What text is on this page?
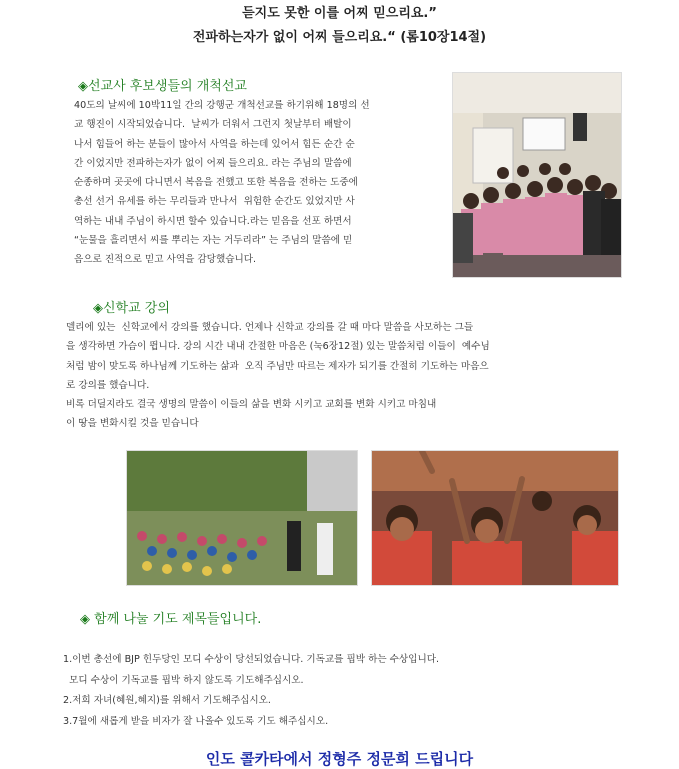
듣지도 못한 이를 어찌 믿으리요.”
전파하는자가 없이 어찌 들으리요.“ (롬10장14절)
◈선교사 후보생들의 개척선교
40도의 날씨에 10박11일 간의 강행군 개척선교를 하기위해 18명의 선
교 행진이 시작되었습니다.  날씨가 더워서 그런지 첫날부터 배탈이
나서 힘들어 하는 분들이 많아서 사역을 하는데 있어서 힘든 순간 순
간 이었지만 전파하는자가 없이 어찌 들으리요. 라는 주님의 말씀에
순종하며 곳곳에 다니면서 복음을 전했고 또한 복음을 전하는 도중에
총선 선거 유세를 하는 무리들과 만나서  위험한 순간도 있었지만 사
역하는 내내 주님이 하시면 할수 있습니다.라는 믿음을 선포 하면서
“눈물을 흘리면서 씨를 뿌리는 자는 거두리라” 는 주님의 말씀에 믿
음으로 진적으로 믿고 사역을 감당했습니다.
◈신학교 강의
델리에 있는  신학교에서 강의를 했습니다. 언제나 신학교 강의를 갈 때 마다 말씀을 사모하는 그들
을 생각하면 가슴이 뜁니다. 강의 시간 내내 간절한 마음은 (눅6장12절) 있는 말씀처럼 이들이  예수님
처럼 밤이 맞도록 하나님께 기도하는 삶과  오직 주님만 따르는 제자가 되기를 간절히 기도하는 마음으
로 강의를 했습니다.
비록 더딜지라도 결국 생명의 말씀이 이들의 삶을 변화 시키고 교회를 변화 시키고 마침내
이 땅을 변화시킬 것을 믿습니다
◈ 함께 나눌 기도 제목들입니다.
1.이번 총선에 BJP 힌두당인 모디 수상이 당선되었습니다. 기독교를 핍박 하는 수상입니다.
모디 수상이 기독교를 핍박 하지 않도록 기도해주십시오.
2.저희 자녀(혜원,혜지)를 위해서 기도해주십시오.
3.7월에 새롭게 받을 비자가 잘 나올수 있도록 기도 해주십시오.
인도 콜카타에서 정형주 정문희 드립니다
